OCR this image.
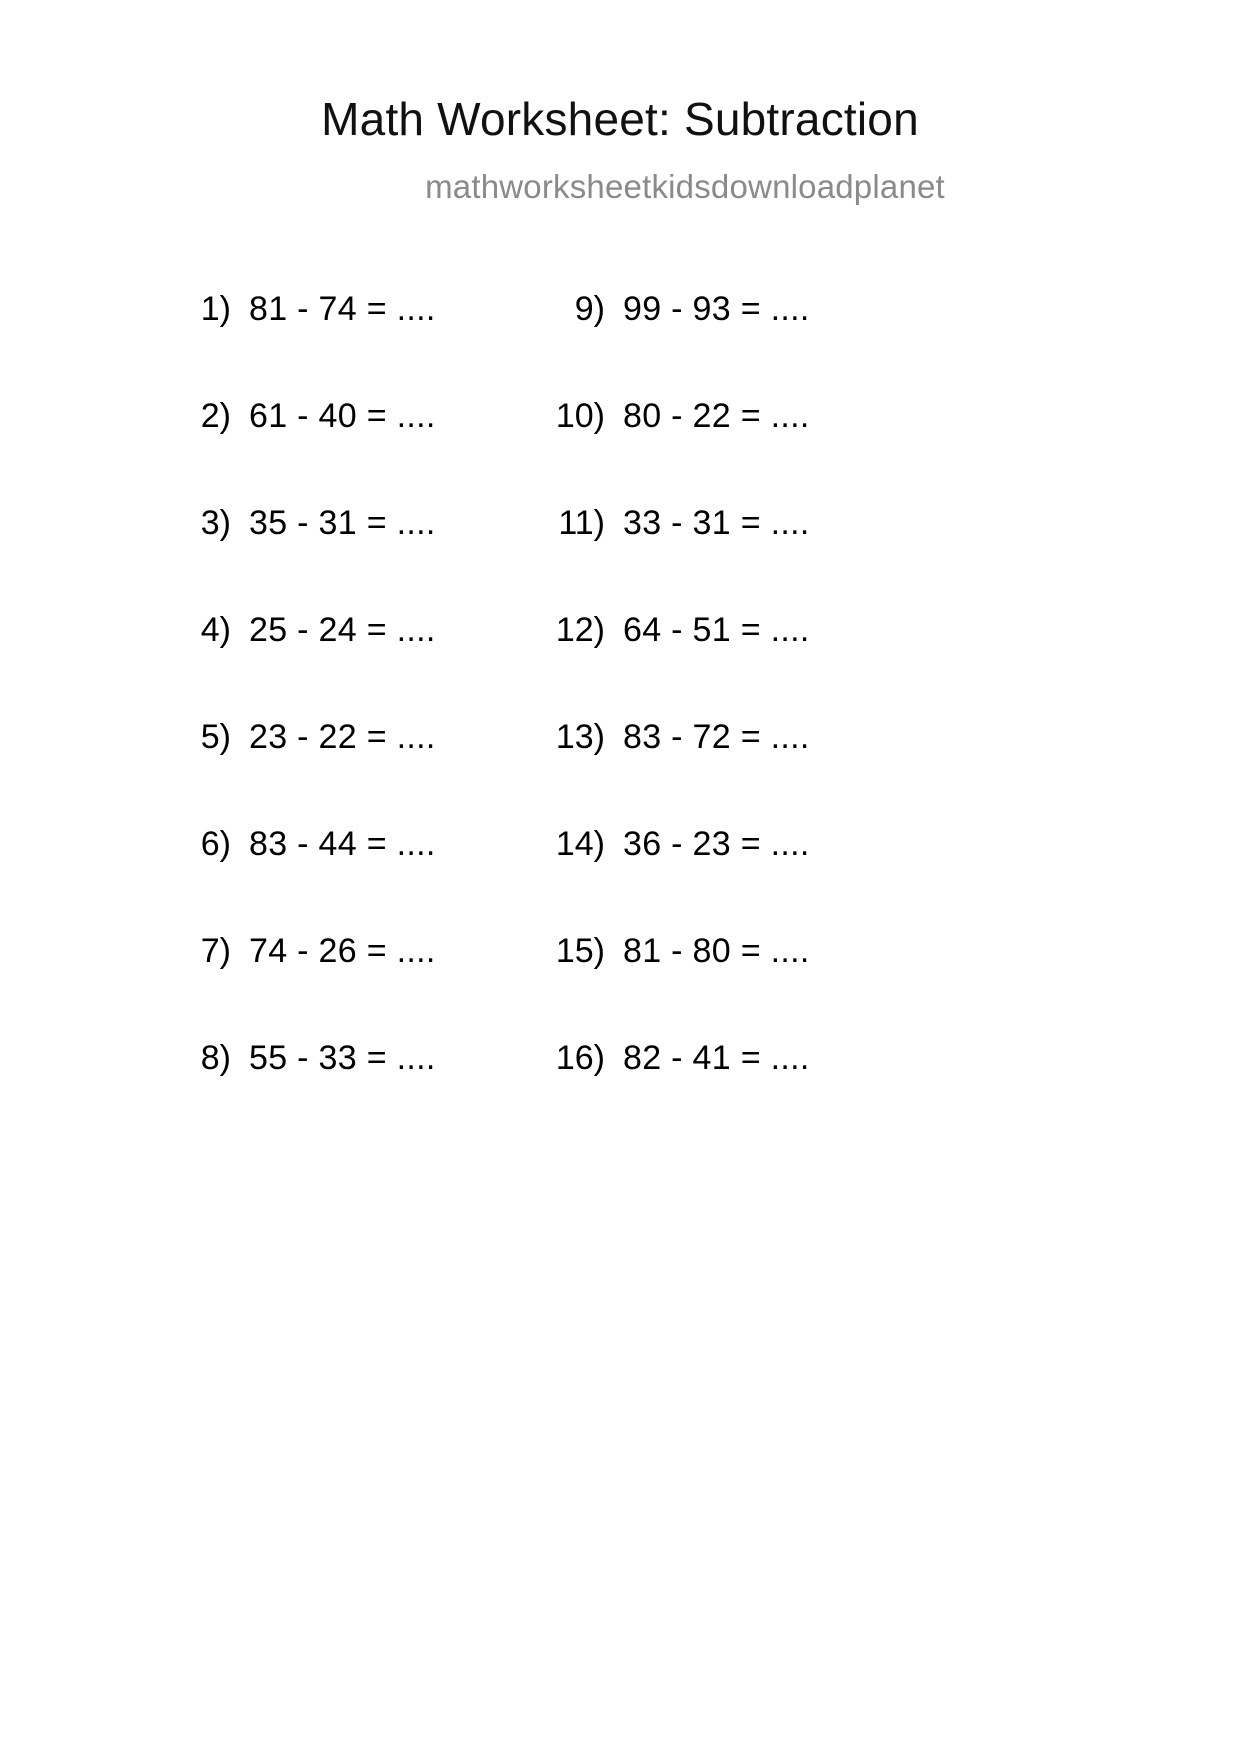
Math Worksheet: Subtraction
mathworksheetkidsdownloadplanet
1) 81 - 74 = ....
2) 61 - 40 = ....
3) 35 - 31 = ....
4) 25 - 24 = ....
5) 23 - 22 = ....
6) 83 - 44 = ....
7) 74 - 26 = ....
8) 55 - 33 = ....
9) 99 - 93 = ....
10) 80 - 22 = ....
11) 33 - 31 = ....
12) 64 - 51 = ....
13) 83 - 72 = ....
14) 36 - 23 = ....
15) 81 - 80 = ....
16) 82 - 41 = ....
